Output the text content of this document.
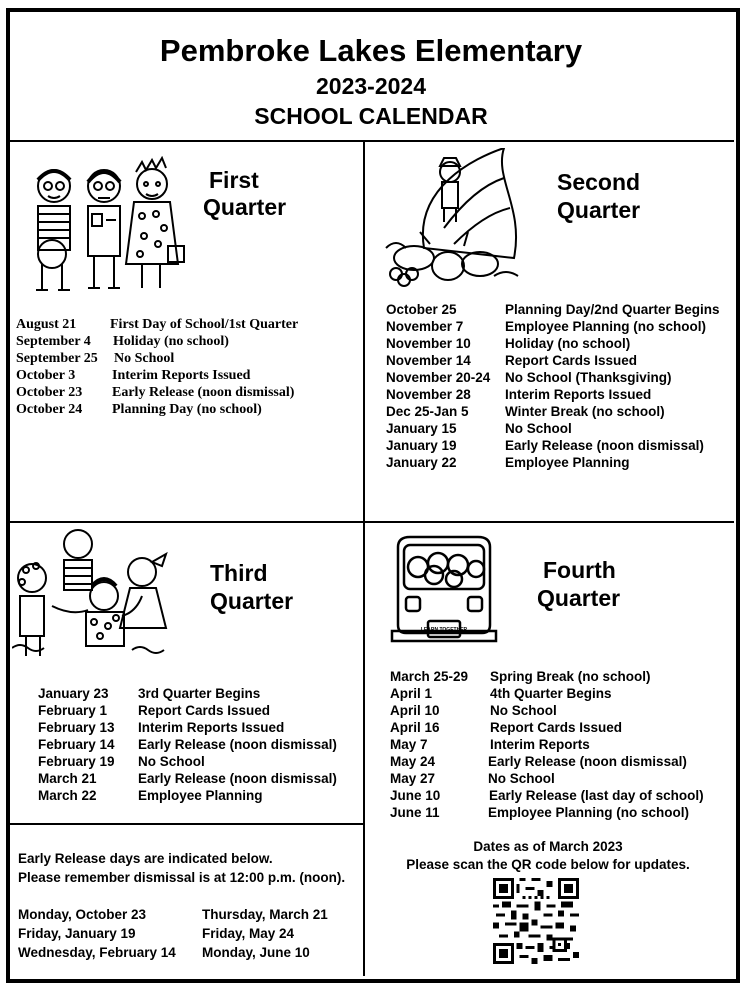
Pembroke Lakes Elementary
2023-2024
SCHOOL CALENDAR
First
Quarter
August 21 First Day of School/1st Quarter
September 4 Holiday (no school)
September 25 No School
October 3	Interim Reports Issued
October 23 Early Release (noon dismissal)
October 24 Planning Day (no school)
Second
Quarter
October 25	Planning Day/2nd Quarter Begins
November 7	Employee Planning (no school)
November 10	Holiday (no school)
November 14	Report Cards Issued
November 20-24 No School (Thanksgiving)
November 28	Interim Reports Issued
Dec 25-Jan 5	Winter Break (no school)
January 15	No School
January 19	Early Release (noon dismissal)
January 22	Employee Planning
Third
Quarter
January 23 3rd Quarter Begins
February 1 Report Cards Issued
February 13 Interim Reports Issued
February 14 Early Release (noon dismissal)
February 19 No School
March 21	Early Release (noon dismissal)
March 22	Employee Planning
LEARN TOGETHER
Fourth
Quarter
March 25-29 Spring Break (no school)
April 1	4th Quarter Begins
April 10	No School
April 16	Report Cards Issued
May 7	Interim Reports
May 24	Early Release (noon dismissal)
May 27	No School
June 10	Early Release (last day of school)
June 11	Employee Planning (no school)
Early Release days are indicated below.
Please remember dismissal is at 12:00 p.m. (noon).
Monday, October 23	Thursday, March 21
Friday, January 19	Friday, May 24
Wednesday, February 14 Monday, June 10
Dates as of March 2023
Please scan the QR code below for updates.
